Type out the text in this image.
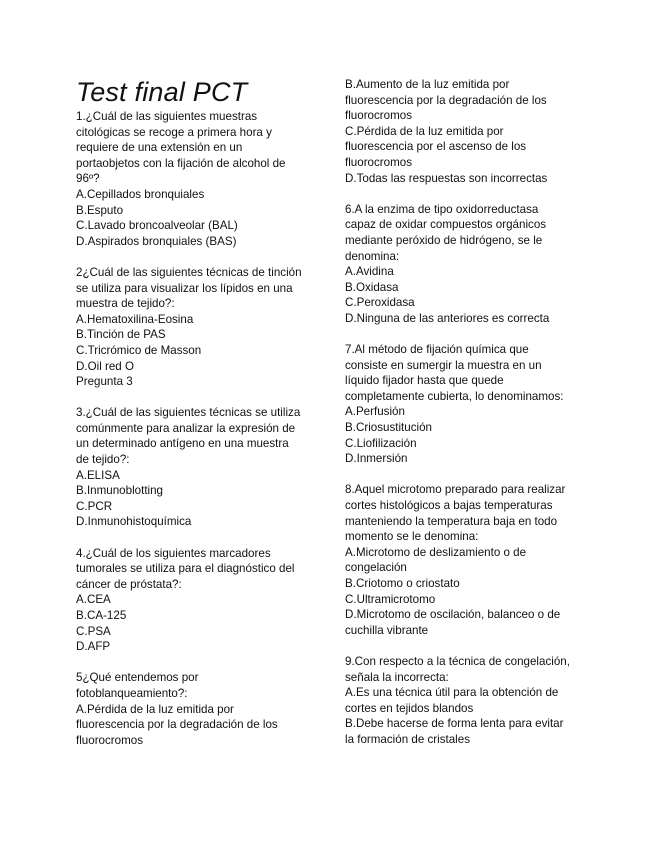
Test final PCT
1.¿Cuál de las siguientes muestras
citológicas se recoge a primera hora y
requiere de una extensión en un
portaobjetos con la fijación de alcohol de
96º?
A.Cepillados bronquiales
B.Esputo
C.Lavado broncoalveolar (BAL)
D.Aspirados bronquiales (BAS)
2¿Cuál de las siguientes técnicas de tinción
se utiliza para visualizar los lípidos en una
muestra de tejido?:
A.Hematoxilina-Eosina
B.Tinción de PAS
C.Tricrómico de Masson
D.Oil red O
Pregunta 3
3.¿Cuál de las siguientes técnicas se utiliza
comúnmente para analizar la expresión de
un determinado antígeno en una muestra
de tejido?:
A.ELISA
B.Inmunoblotting
C.PCR
D.Inmunohistoquímica
4.¿Cuál de los siguientes marcadores
tumorales se utiliza para el diagnóstico del
cáncer de próstata?:
A.CEA
B.CA-125
C.PSA
D.AFP
5¿Qué entendemos por
fotoblanqueamiento?:
A.Pérdida de la luz emitida por
fluorescencia por la degradación de los
fluorocromos
B.Aumento de la luz emitida por
fluorescencia por la degradación de los
fluorocromos
C.Pérdida de la luz emitida por
fluorescencia por el ascenso de los
fluorocromos
D.Todas las respuestas son incorrectas
6.A la enzima de tipo oxidorreductasa
capaz de oxidar compuestos orgánicos
mediante peróxido de hidrógeno, se le
denomina:
A.Avidina
B.Oxidasa
C.Peroxidasa
D.Ninguna de las anteriores es correcta
7.Al método de fijación química que
consiste en sumergir la muestra en un
líquido fijador hasta que quede
completamente cubierta, lo denominamos:
A.Perfusión
B.Criosustitución
C.Liofilización
D.Inmersión
8.Aquel microtomo preparado para realizar
cortes histológicos a bajas temperaturas
manteniendo la temperatura baja en todo
momento se le denomina:
A.Microtomo de deslizamiento o de
congelación
B.Criotomo o criostato
C.Ultramicrotomo
D.Microtomo de oscilación, balanceo o de
cuchilla vibrante
9.Con respecto a la técnica de congelación,
señala la incorrecta:
A.Es una técnica útil para la obtención de
cortes en tejidos blandos
B.Debe hacerse de forma lenta para evitar
la formación de cristales
